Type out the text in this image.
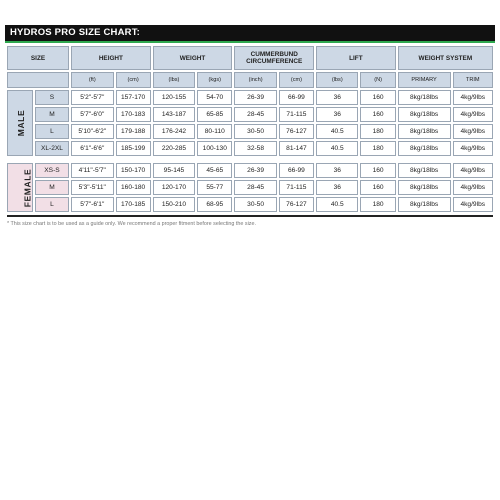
HYDROS PRO SIZE CHART:
SIZE		HEIGHT		WEIGHT		CUMMERBUND CIRCUMFERENCE		LIFT		WEIGHT SYSTEM	
		(ft)	(cm)	(lbs)	(kgs)	(inch)	(cm)	(lbs)	(N)	PRIMARY	TRIM
MALE	S	5'2"-5'7"	157-170	120-155	54-70	26-39	66-99	36	160	8kg/18lbs	4kg/9lbs
	M	5'7"-6'0"	170-183	143-187	65-85	28-45	71-115	36	160	8kg/18lbs	4kg/9lbs
	L	5'10"-6'2"	179-188	176-242	80-110	30-50	76-127	40.5	180	8kg/18lbs	4kg/9lbs
	XL-2XL	6'1"-6'6"	185-199	220-285	100-130	32-58	81-147	40.5	180	8kg/18lbs	4kg/9lbs

FEMALE	XS-S	4'11"-5'7"	150-170	95-145	45-65	26-39	66-99	36	160	8kg/18lbs	4kg/9lbs
	M	5'3"-5'11"	160-180	120-170	55-77	28-45	71-115	36	160	8kg/18lbs	4kg/9lbs
	L	5'7"-6'1"	170-185	150-210	68-95	30-50	76-127	40.5	180	8kg/18lbs	4kg/9lbs
* This size chart is to be used as a guide only. We recommend a proper fitment before selecting the size.
